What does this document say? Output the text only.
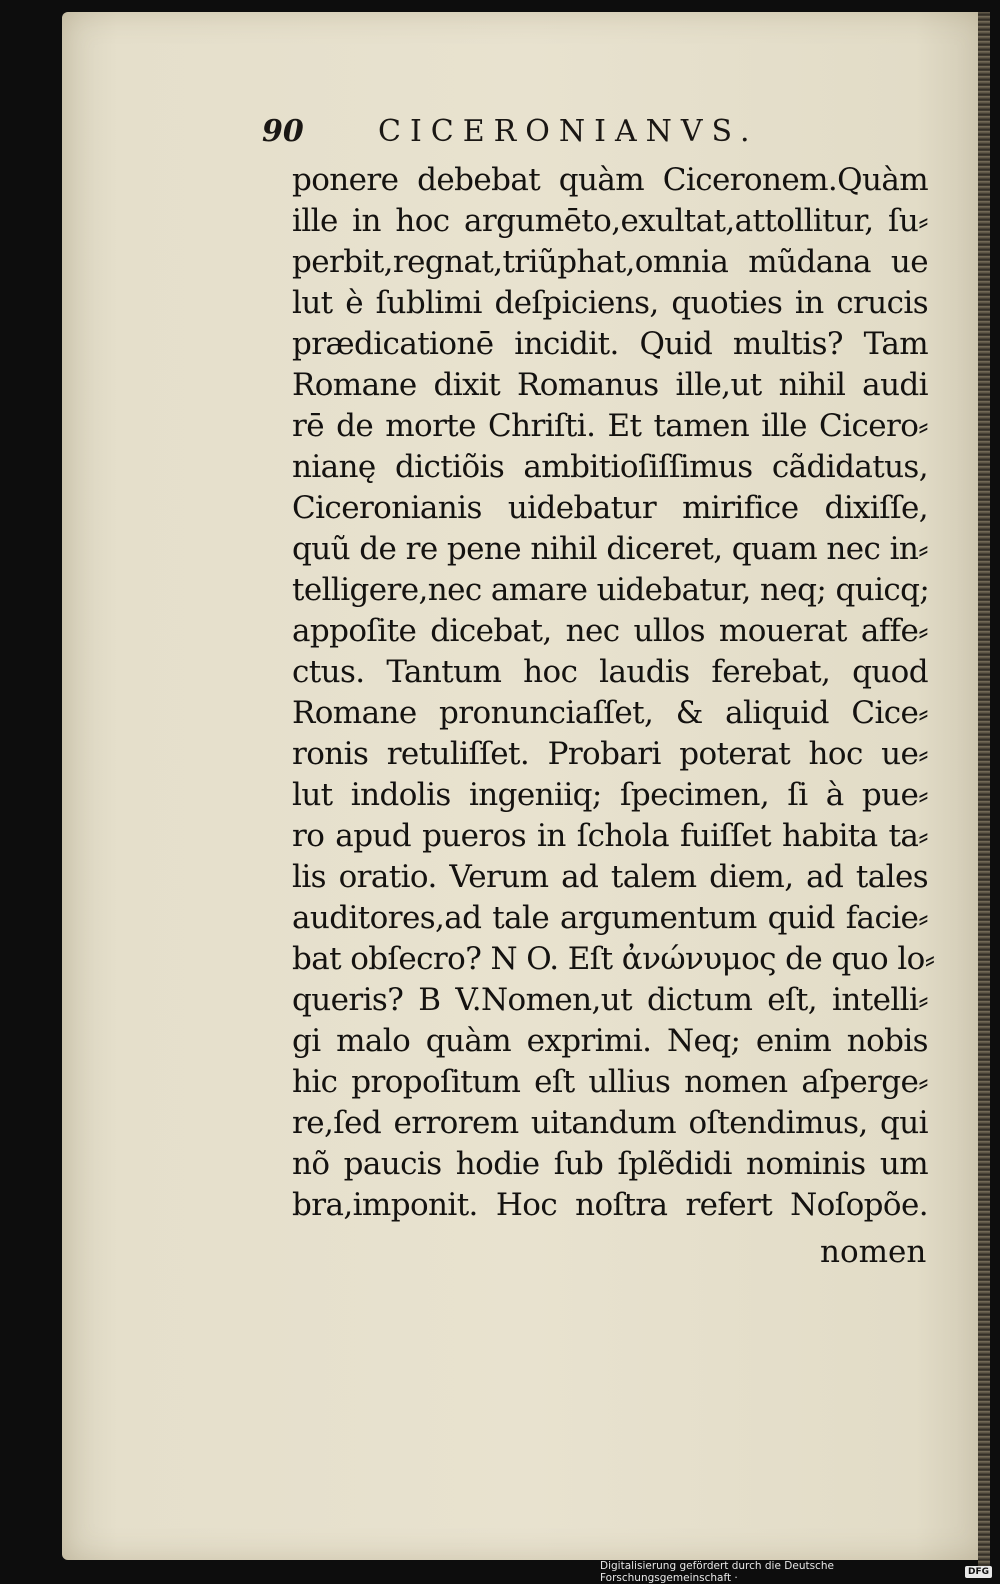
90 CICERONIANVS.
ponere debebat quàm Ciceronem.Quàm
ille in hoc argumēto,exultat,attollitur, ſu⸗
perbit,regnat,triũphat,omnia mũdana ue
lut è ſublimi deſpiciens, quoties in crucis
prædicationē incidit. Quid multis? Tam
Romane dixit Romanus ille,ut nihil audi
rē de morte Chriſti. Et tamen ille Cicero⸗
nianę dictiõis ambitioſiſſimus cãdidatus,
Ciceronianis uidebatur mirifice dixiſſe,
quũ de re pene nihil diceret, quam nec in⸗
telligere,nec amare uidebatur, neq; quicq;
appoſite dicebat, nec ullos mouerat affe⸗
ctus. Tantum hoc laudis ferebat, quod
Romane pronunciaſſet, & aliquid Cice⸗
ronis retuliſſet. Probari poterat hoc ue⸗
lut indolis ingeniiq; ſpecimen, ſi à pue⸗
ro apud pueros in ſchola fuiſſet habita ta⸗
lis oratio. Verum ad talem diem, ad tales
auditores,ad tale argumentum quid facie⸗
bat obſecro? N O. Eſt ἀνώνυμος de quo lo⸗
queris? B V.Nomen,ut dictum eſt, intelli⸗
gi malo quàm exprimi. Neq; enim nobis
hic propoſitum eſt ullius nomen aſperge⸗
re,ſed errorem uitandum oſtendimus, qui
nõ paucis hodie ſub ſplẽdidi nominis um
bra,imponit. Hoc noſtra refert Noſopõe.
nomen
Digitalisierung gefördert durch die Deutsche Forschungsgemeinschaft ·	DFG
